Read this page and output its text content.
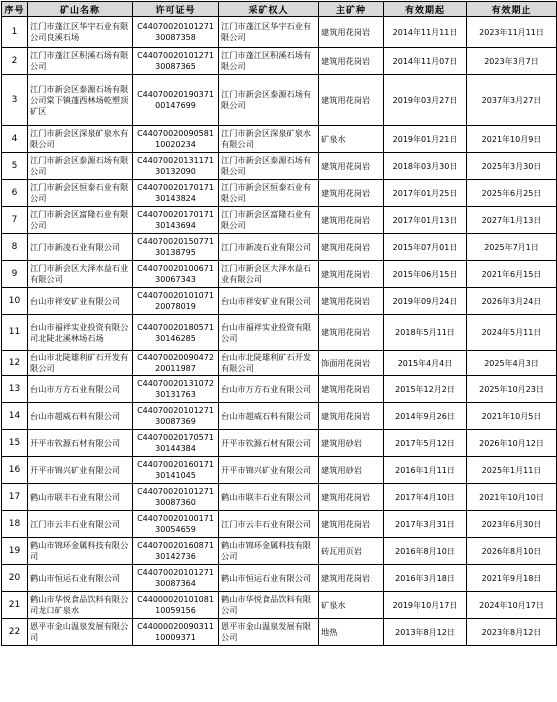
序号	矿山名称	许可证号	采矿权人	主矿种	有效期起	有效期止
1	江门市蓬江区华宇石业有限公司良溪石场	C4407002010127130087358	江门市蓬江区华宇石业有限公司	建筑用花岗岩	2014年11月11日	2023年11月11日
2	江门市蓬江区积溪石场有限公司	C4407002010127130087365	江门市蓬江区积溪石场有限公司	建筑用花岗岩	2014年11月07日	2023年3月7日
3	江门市新会区泰源石场有限公司棠下镇蓬西林场乾塑顶矿区	C4407002019037100147699	江门市新会区泰源石场有限公司	建筑用花岗岩	2019年03月27日	2037年3月27日
4	江门市新会区深泉矿泉水有限公司	C4407002009058110020234	江门市新会区深泉矿泉水有限公司	矿泉水	2019年01月21日	2021年10月9日
5	江门市新会区泰源石场有限公司	C4407002013117130132090	江门市新会区泰源石场有限公司	建筑用花岗岩	2018年03月30日	2025年3月30日
6	江门市新会区恒泰石业有限公司	C4407002017017130143824	江门市新会区恒泰石业有限公司	建筑用花岗岩	2017年01月25日	2025年6月25日
7	江门市新会区富隆石业有限公司	C4407002017017130143694	江门市新会区富隆石业有限公司	建筑用花岗岩	2017年01月13日	2027年1月13日
8	江门市新凌石业有限公司	C4407002015077130138795	江门市新凌石业有限公司	建筑用花岗岩	2015年07月01日	2025年7月1日
9	江门市新会区大泽水益石业有限公司	C4407002010067130067343	江门市新会区大泽水益石业有限公司	建筑用花岗岩	2015年06月15日	2021年6月15日
10	台山市祥安矿业有限公司	C4407002010107120078019	台山市祥安矿业有限公司	建筑用花岗岩	2019年09月24日	2026年3月24日
11	台山市福祥实业投资有限公司北陡北溪林场石场	C4407002018057130146285	台山市福祥实业投资有限公司	建筑用花岗岩	2018年5月11日	2024年5月11日
12	台山市北陡雄利矿石开发有限公司	C4407002009047220011987	台山市北陡雄利矿石开发有限公司	饰面用花岗岩	2015年4月4日	2025年4月3日
13	台山市万方石业有限公司	C4407002013107230131763	台山市万方石业有限公司	建筑用花岗岩	2015年12月2日	2025年10月23日
14	台山市超威石料有限公司	C4407002010127130087369	台山市超威石料有限公司	建筑用花岗岩	2014年9月26日	2021年10月5日
15	开平市钦源石材有限公司	C4407002017057130144384	开平市钦源石材有限公司	建筑用砂岩	2017年5月12日	2026年10月12日
16	开平市锦兴矿业有限公司	C4407002016017130141045	开平市锦兴矿业有限公司	建筑用砂岩	2016年1月11日	2025年1月11日
17	鹤山市联丰石业有限公司	C4407002010127130087360	鹤山市联丰石业有限公司	建筑用花岗岩	2017年4月10日	2021年10月10日
18	江门市云丰石业有限公司	C4407002010017130054659	江门市云丰石业有限公司	建筑用花岗岩	2017年3月31日	2023年6月30日
19	鹤山市锦环金属科技有限公司	C4407002016087130142736	鹤山市锦环金属科技有限公司	砖瓦用页岩	2016年8月10日	2026年8月10日
20	鹤山市恒运石业有限公司	C4407002010127130087364	鹤山市恒运石业有限公司	建筑用花岗岩	2016年3月18日	2021年9月18日
21	鹤山市华悦食品饮料有限公司龙口矿泉水	C4400002010108110059156	鹤山市华悦食品饮料有限公司	矿泉水	2019年10月17日	2024年10月17日
22	恩平市金山温泉发展有限公司	C4400002009031110009371	恩平市金山温泉发展有限公司	地热	2013年8月12日	2023年8月12日
